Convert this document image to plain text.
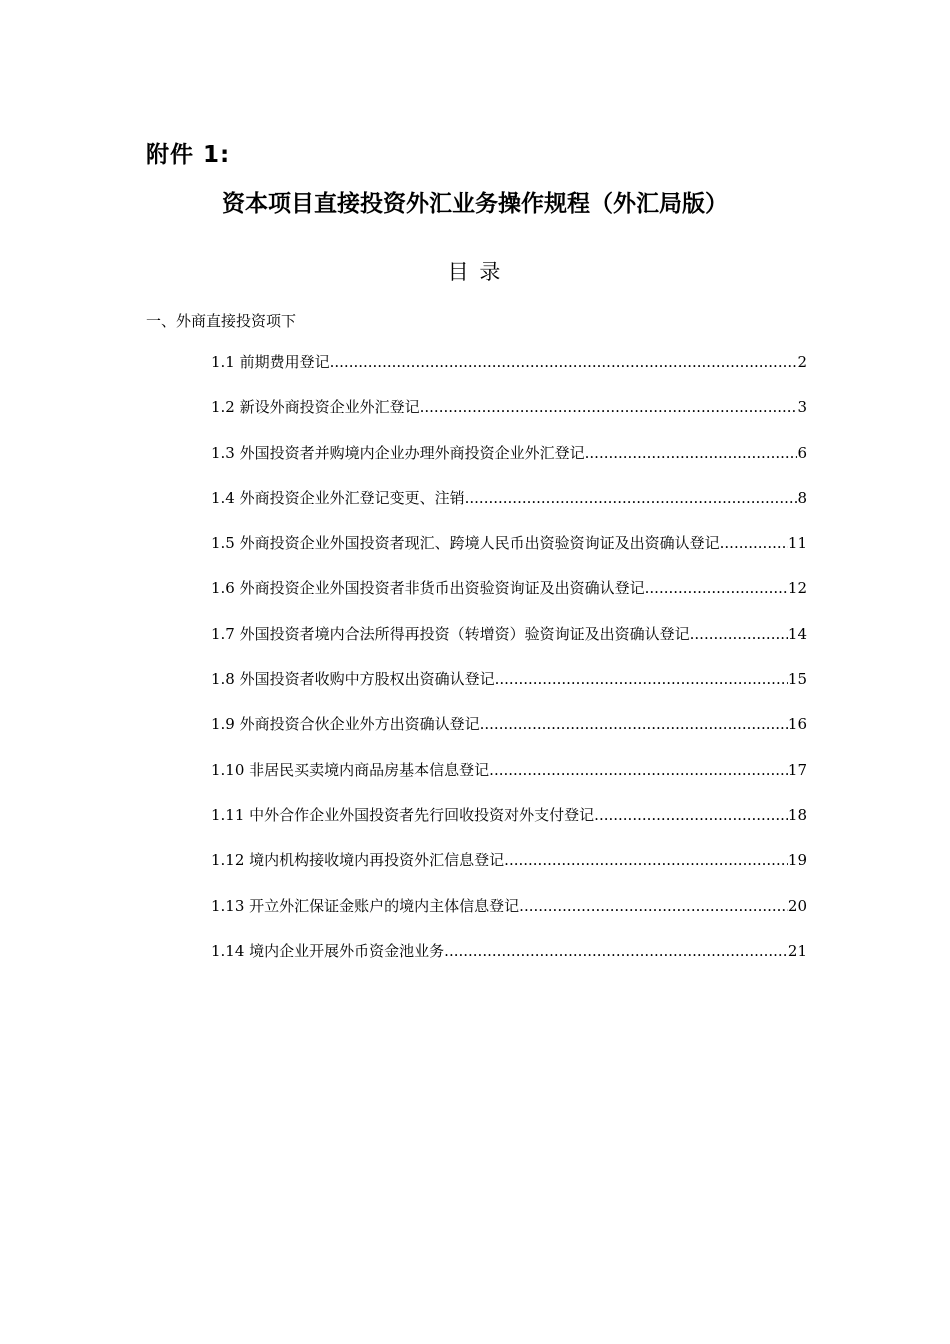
附件 1:
资本项目直接投资外汇业务操作规程（外汇局版）
目 录
一、外商直接投资项下
1.1 前期费用登记 .....	2
1.2 新设外商投资企业外汇登记 .....	3
1.3 外国投资者并购境内企业办理外商投资企业外汇登记 .....	6
1.4 外商投资企业外汇登记变更、注销 .....	8
1.5 外商投资企业外国投资者现汇、跨境人民币出资验资询证及出资确认登记 .....	11
1.6 外商投资企业外国投资者非货币出资验资询证及出资确认登记 .....	12
1.7 外国投资者境内合法所得再投资（转增资）验资询证及出资确认登记 .....	14
1.8 外国投资者收购中方股权出资确认登记 .....	15
1.9 外商投资合伙企业外方出资确认登记 .....	16
1.10 非居民买卖境内商品房基本信息登记 .....	17
1.11 中外合作企业外国投资者先行回收投资对外支付登记 .....	18
1.12 境内机构接收境内再投资外汇信息登记 .....	19
1.13 开立外汇保证金账户的境内主体信息登记 .....	20
1.14 境内企业开展外币资金池业务 .....	21
